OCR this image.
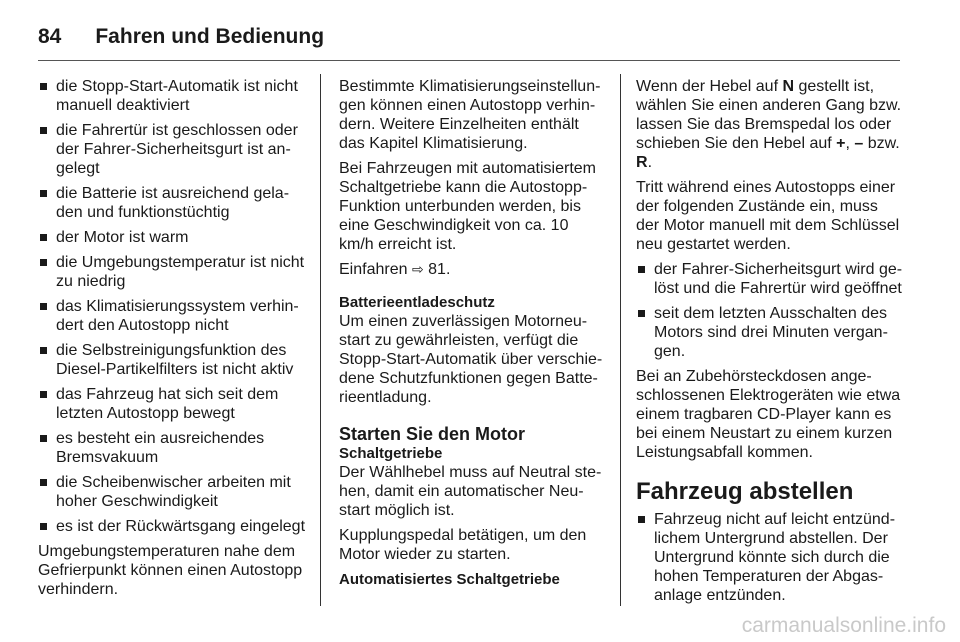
84 Fahren und Bedienung
die Stopp-Start-Automatik ist nicht manuell deaktiviert
die Fahrertür ist geschlossen oder der Fahrer-Sicherheitsgurt ist angelegt
die Batterie ist ausreichend geladen und funktionstüchtig
der Motor ist warm
die Umgebungstemperatur ist nicht zu niedrig
das Klimatisierungssystem verhindert den Autostopp nicht
die Selbstreinigungsfunktion des Diesel-Partikelfilters ist nicht aktiv
das Fahrzeug hat sich seit dem letzten Autostopp bewegt
es besteht ein ausreichendes Bremsvakuum
die Scheibenwischer arbeiten mit hoher Geschwindigkeit
es ist der Rückwärtsgang eingelegt

Umgebungstemperaturen nahe dem Gefrierpunkt können einen Autostopp verhindern.

Bestimmte Klimatisierungseinstellungen können einen Autostopp verhindern. Weitere Einzelheiten enthält das Kapitel Klimatisierung.

Bei Fahrzeugen mit automatisiertem Schaltgetriebe kann die Autostopp-Funktion unterbunden werden, bis eine Geschwindigkeit von ca. 10 km/h erreicht ist.

Einfahren ⇨ 81.

Batterieentladeschutz

Um einen zuverlässigen Motorneustart zu gewährleisten, verfügt die Stopp-Start-Automatik über verschiedene Schutzfunktionen gegen Batterieentladung.

Starten Sie den Motor
Schaltgetriebe

Der Wählhebel muss auf Neutral stehen, damit ein automatischer Neustart möglich ist.

Kupplungspedal betätigen, um den Motor wieder zu starten.

Automatisiertes Schaltgetriebe

Wenn der Hebel auf N gestellt ist, wählen Sie einen anderen Gang bzw. lassen Sie das Bremspedal los oder schieben Sie den Hebel auf +, – bzw. R.

Tritt während eines Autostopps einer der folgenden Zustände ein, muss der Motor manuell mit dem Schlüssel neu gestartet werden.

der Fahrer-Sicherheitsgurt wird gelöst und die Fahrertür wird geöffnet
seit dem letzten Ausschalten des Motors sind drei Minuten vergangen.

Bei an Zubehörsteckdosen angeschlossenen Elektrogeräten wie etwa einem tragbaren CD-Player kann es bei einem Neustart zu einem kurzen Leistungsabfall kommen.

Fahrzeug abstellen
Fahrzeug nicht auf leicht entzündlichem Untergrund abstellen. Der Untergrund könnte sich durch die hohen Temperaturen der Abgasanlage entzünden.
carmanualsonline.info
